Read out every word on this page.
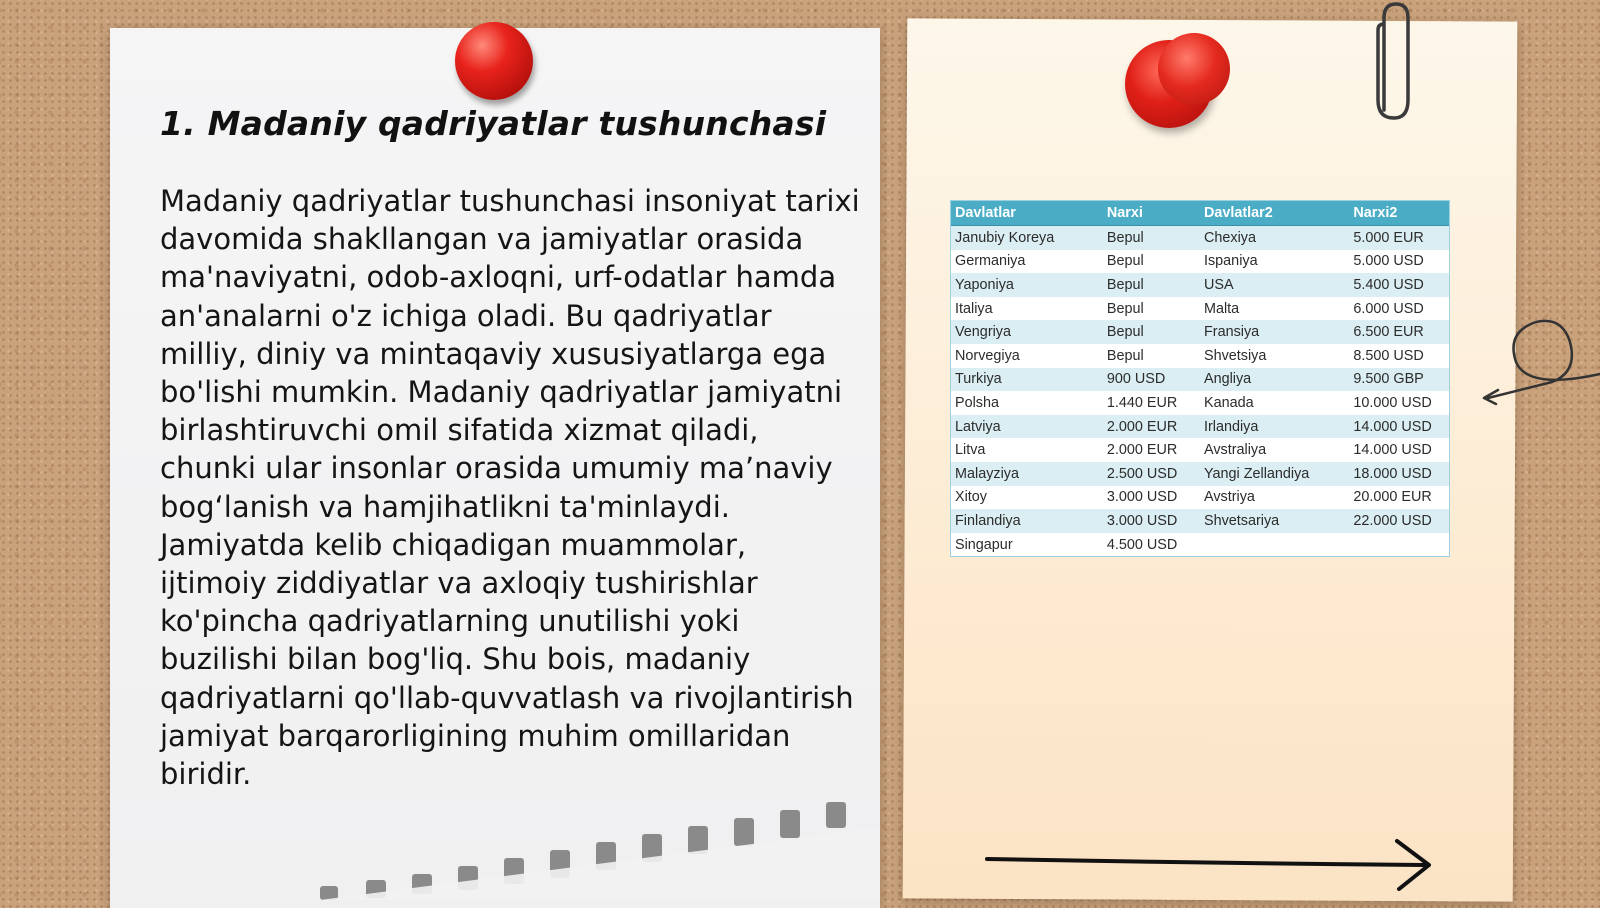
1. Madaniy qadriyatlar tushunchasi

Madaniy qadriyatlar tushunchasi insoniyat tarixi davomida shakllangan va jamiyatlar orasida ma'naviyatni, odob-axloqni, urf-odatlar hamda an'analarni o'z ichiga oladi. Bu qadriyatlar milliy, diniy va mintaqaviy xususiyatlarga ega bo'lishi mumkin. Madaniy qadriyatlar jamiyatni birlashtiruvchi omil sifatida xizmat qiladi, chunki ular insonlar orasida umumiy ma’naviy bog‘lanish va hamjihatlikni ta'minlaydi. Jamiyatda kelib chiqadigan muammolar, ijtimoiy ziddiyatlar va axloqiy tushirishlar ko'pincha qadriyatlarning unutilishi yoki buzilishi bilan bog'liq. Shu bois, madaniy qadriyatlarni qo'llab-quvvatlash va rivojlantirish jamiyat barqarorligining muhim omillaridan biridir.

Davlatlar	Narxi	Davlatlar2	Narxi2
Janubiy Koreya	Bepul	Chexiya	5.000 EUR
Germaniya	Bepul	Ispaniya	5.000 USD
Yaponiya	Bepul	USA	5.400 USD
Italiya	Bepul	Malta	6.000 USD
Vengriya	Bepul	Fransiya	6.500 EUR
Norvegiya	Bepul	Shvetsiya	8.500 USD
Turkiya	900 USD	Angliya	9.500 GBP
Polsha	1.440 EUR	Kanada	10.000 USD
Latviya	2.000 EUR	Irlandiya	14.000 USD
Litva	2.000 EUR	Avstraliya	14.000 USD
Malayziya	2.500 USD	Yangi Zellandiya	18.000 USD
Xitoy	3.000 USD	Avstriya	20.000 EUR
Finlandiya	3.000 USD	Shvetsariya	22.000 USD
Singapur	4.500 USD		
